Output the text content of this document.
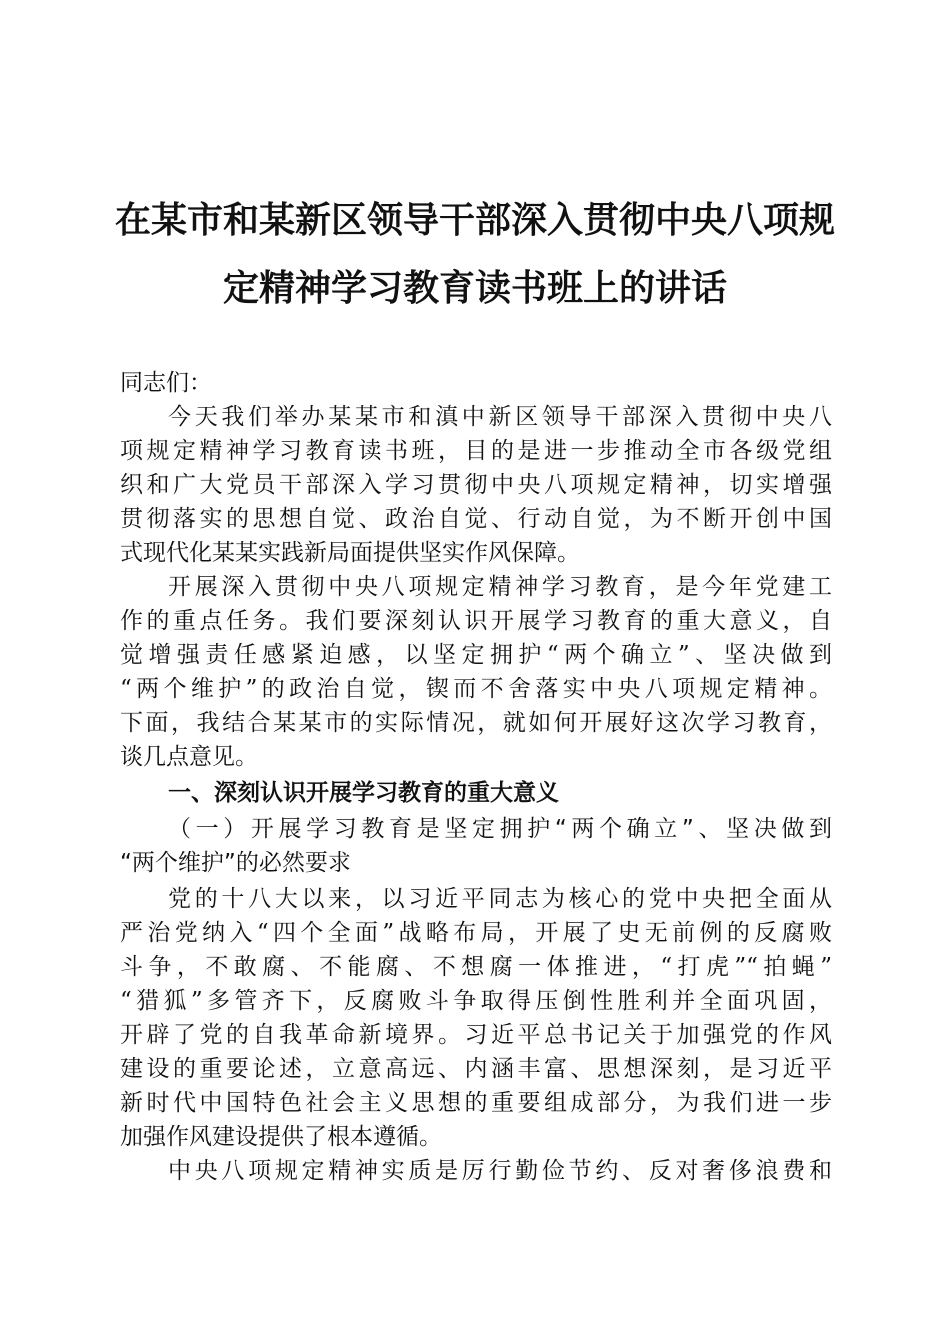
在某市和某新区领导干部深入贯彻中央八项规
定精神学习教育读书班上的讲话
同志们：
今天我们举办某某市和滇中新区领导干部深入贯彻中央八
项规定精神学习教育读书班，目的是进一步推动全市各级党组
织和广大党员干部深入学习贯彻中央八项规定精神，切实增强
贯彻落实的思想自觉、政治自觉、行动自觉，为不断开创中国
式现代化某某实践新局面提供坚实作风保障。
开展深入贯彻中央八项规定精神学习教育，是今年党建工
作的重点任务。我们要深刻认识开展学习教育的重大意义，自
觉增强责任感紧迫感，以坚定拥护“两个确立”、坚决做到
“两个维护”的政治自觉，锲而不舍落实中央八项规定精神。
下面，我结合某某市的实际情况，就如何开展好这次学习教育，
谈几点意见。
一、深刻认识开展学习教育的重大意义
（一）开展学习教育是坚定拥护“两个确立”、坚决做到
“两个维护”的必然要求
党的十八大以来，以习近平同志为核心的党中央把全面从
严治党纳入“四个全面”战略布局，开展了史无前例的反腐败
斗争，不敢腐、不能腐、不想腐一体推进，“打虎”“拍蝇”
“猎狐”多管齐下，反腐败斗争取得压倒性胜利并全面巩固，
开辟了党的自我革命新境界。习近平总书记关于加强党的作风
建设的重要论述，立意高远、内涵丰富、思想深刻，是习近平
新时代中国特色社会主义思想的重要组成部分，为我们进一步
加强作风建设提供了根本遵循。
中央八项规定精神实质是厉行勤俭节约、反对奢侈浪费和
